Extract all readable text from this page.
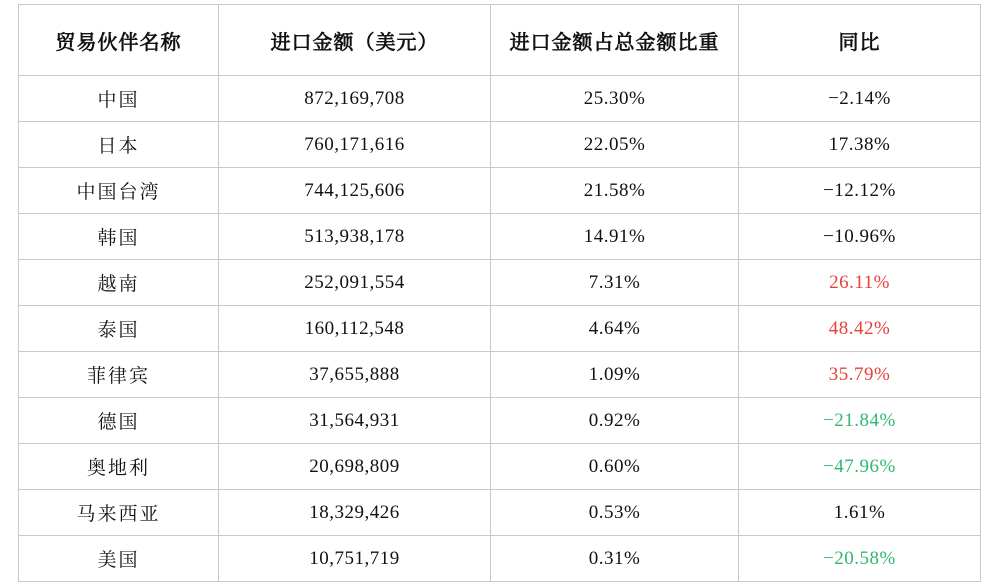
贸易伙伴名称	进口金额（美元）	进口金额占总金额比重	同比
中国	872,169,708	25.30%	−2.14%
日本	760,171,616	22.05%	17.38%
中国台湾	744,125,606	21.58%	−12.12%
韩国	513,938,178	14.91%	−10.96%
越南	252,091,554	7.31%	26.11%
泰国	160,112,548	4.64%	48.42%
菲律宾	37,655,888	1.09%	35.79%
德国	31,564,931	0.92%	−21.84%
奥地利	20,698,809	0.60%	−47.96%
马来西亚	18,329,426	0.53%	1.61%
美国	10,751,719	0.31%	−20.58%
